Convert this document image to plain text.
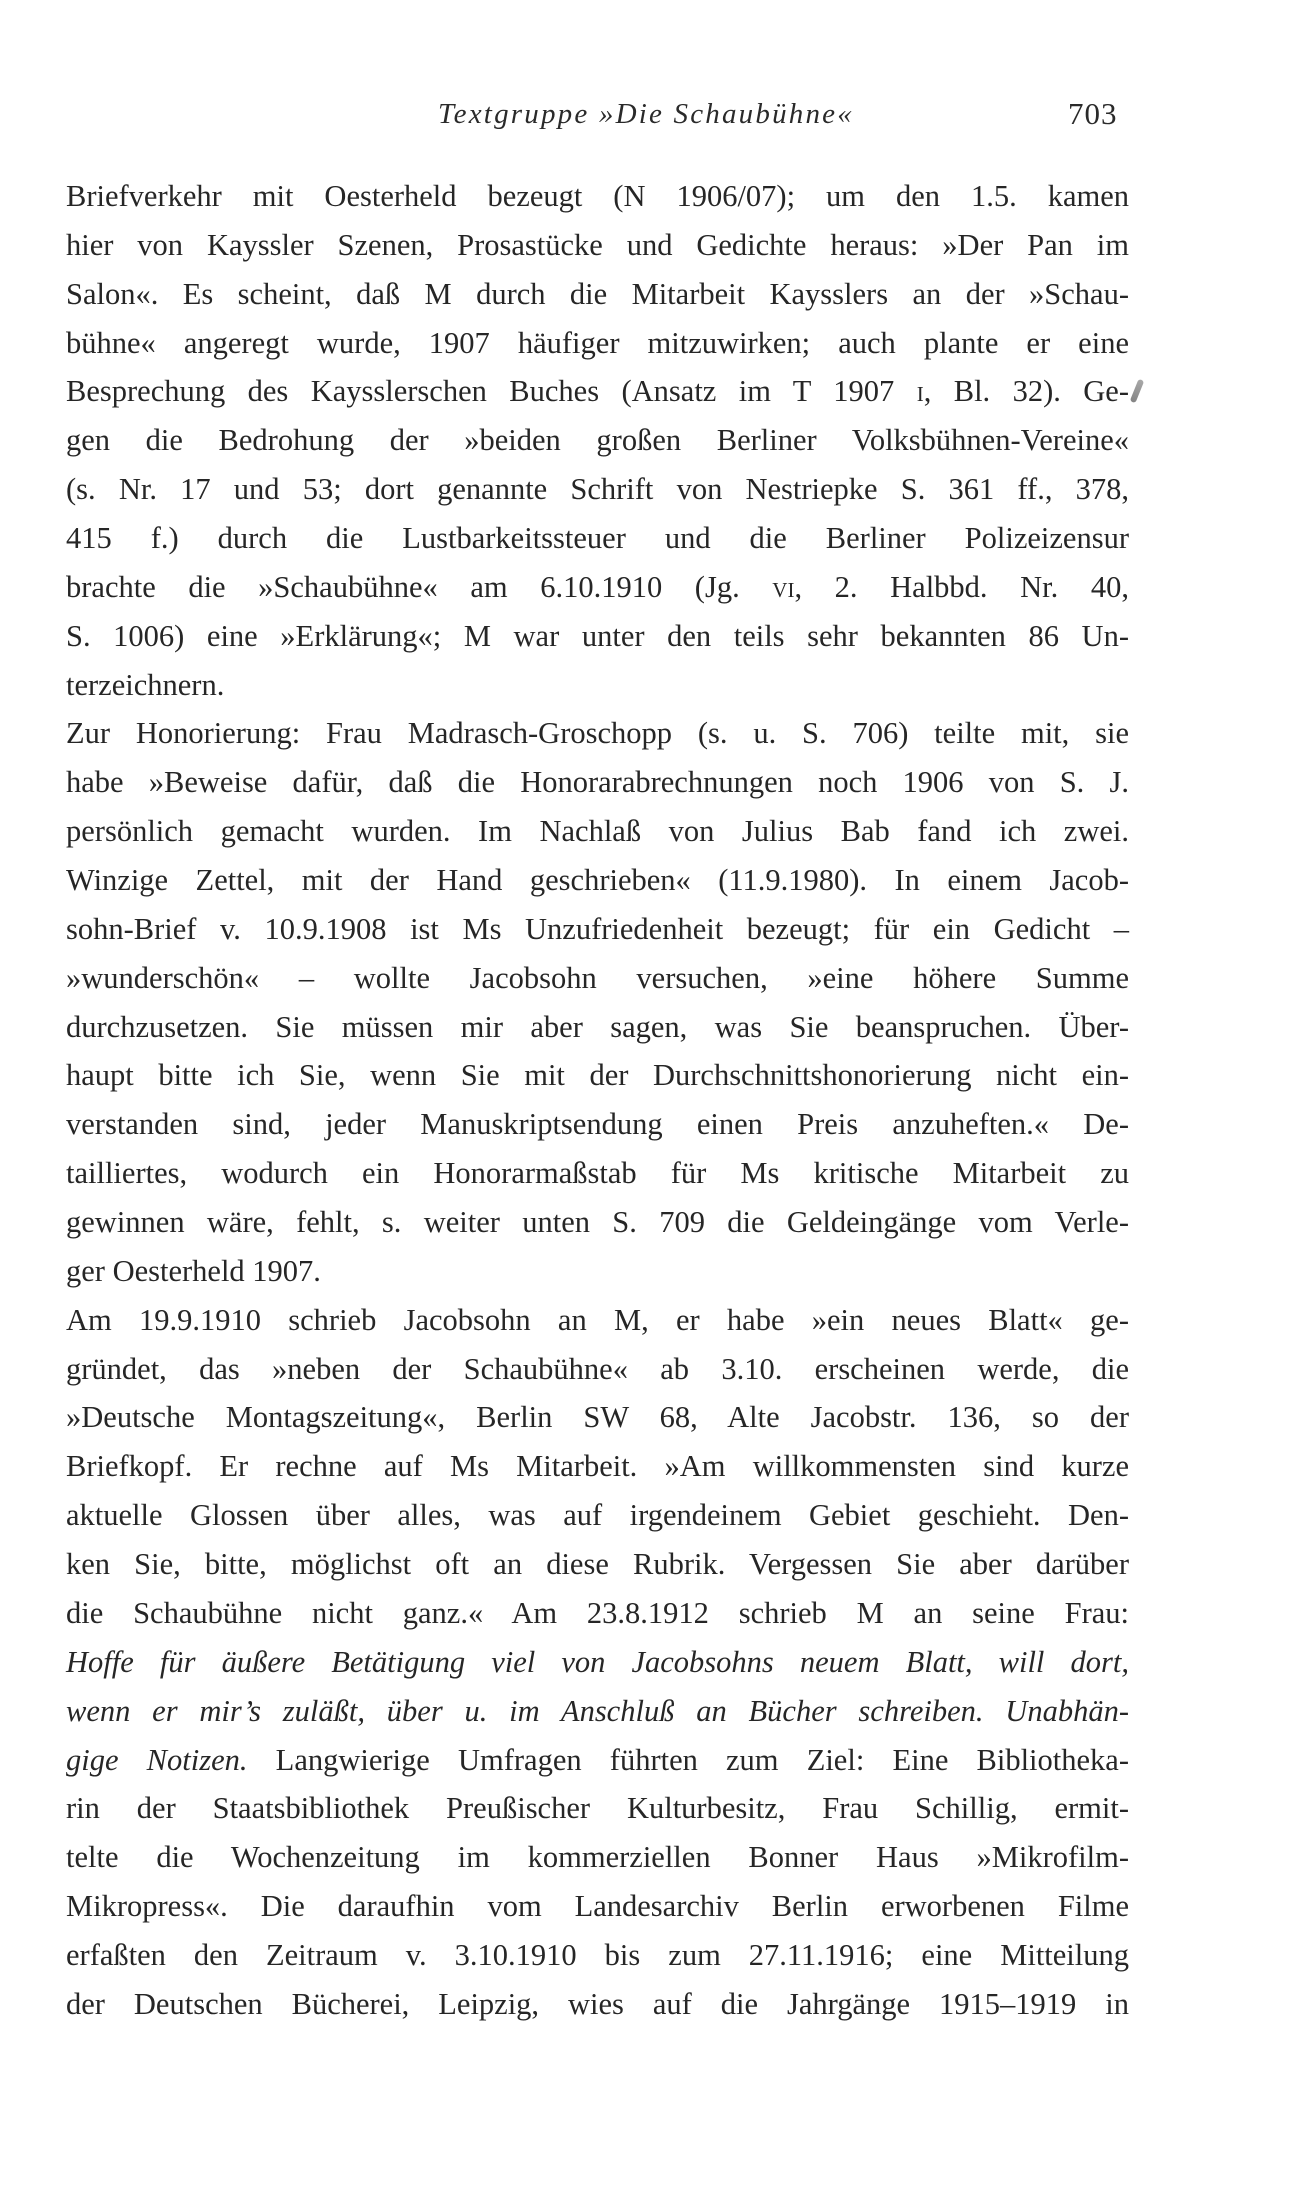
Textgruppe »Die Schaubühne«	703
Briefverkehr mit Oesterheld bezeugt (N 1906/07); um den 1.5. kamen
hier von Kayssler Szenen, Prosastücke und Gedichte heraus: »Der Pan im
Salon«. Es scheint, daß M durch die Mitarbeit Kaysslers an der »Schau-
bühne« angeregt wurde, 1907 häufiger mitzuwirken; auch plante er eine
Besprechung des Kaysslerschen Buches (Ansatz im T 1907 i, Bl. 32). Ge-
gen die Bedrohung der »beiden großen Berliner Volksbühnen-Vereine«
(s. Nr. 17 und 53; dort genannte Schrift von Nestriepke S. 361 ff., 378,
415 f.) durch die Lustbarkeitssteuer und die Berliner Polizeizensur
brachte die »Schaubühne« am 6.10.1910 (Jg. vi, 2. Halbbd. Nr. 40,
S. 1006) eine »Erklärung«; M war unter den teils sehr bekannten 86 Un-
terzeichnern.
Zur Honorierung: Frau Madrasch-Groschopp (s. u. S. 706) teilte mit, sie
habe »Beweise dafür, daß die Honorarabrechnungen noch 1906 von S. J.
persönlich gemacht wurden. Im Nachlaß von Julius Bab fand ich zwei.
Winzige Zettel, mit der Hand geschrieben« (11.9.1980). In einem Jacob-
sohn-Brief v. 10.9.1908 ist Ms Unzufriedenheit bezeugt; für ein Gedicht –
»wunderschön« – wollte Jacobsohn versuchen, »eine höhere Summe
durchzusetzen. Sie müssen mir aber sagen, was Sie beanspruchen. Über-
haupt bitte ich Sie, wenn Sie mit der Durchschnittshonorierung nicht ein-
verstanden sind, jeder Manuskriptsendung einen Preis anzuheften.« De-
tailliertes, wodurch ein Honorarmaßstab für Ms kritische Mitarbeit zu
gewinnen wäre, fehlt, s. weiter unten S. 709 die Geldeingänge vom Verle-
ger Oesterheld 1907.
Am 19.9.1910 schrieb Jacobsohn an M, er habe »ein neues Blatt« ge-
gründet, das »neben der Schaubühne« ab 3.10. erscheinen werde, die
»Deutsche Montagszeitung«, Berlin SW 68, Alte Jacobstr. 136, so der
Briefkopf. Er rechne auf Ms Mitarbeit. »Am willkommensten sind kurze
aktuelle Glossen über alles, was auf irgendeinem Gebiet geschieht. Den-
ken Sie, bitte, möglichst oft an diese Rubrik. Vergessen Sie aber darüber
die Schaubühne nicht ganz.« Am 23.8.1912 schrieb M an seine Frau:
Hoffe für äußere Betätigung viel von Jacobsohns neuem Blatt, will dort,
wenn er mir’s zuläßt, über u. im Anschluß an Bücher schreiben. Unabhän-
gige Notizen. Langwierige Umfragen führten zum Ziel: Eine Bibliotheka-
rin der Staatsbibliothek Preußischer Kulturbesitz, Frau Schillig, ermit-
telte die Wochenzeitung im kommerziellen Bonner Haus »Mikrofilm-
Mikropress«. Die daraufhin vom Landesarchiv Berlin erworbenen Filme
erfaßten den Zeitraum v. 3.10.1910 bis zum 27.11.1916; eine Mitteilung
der Deutschen Bücherei, Leipzig, wies auf die Jahrgänge 1915–1919 in
